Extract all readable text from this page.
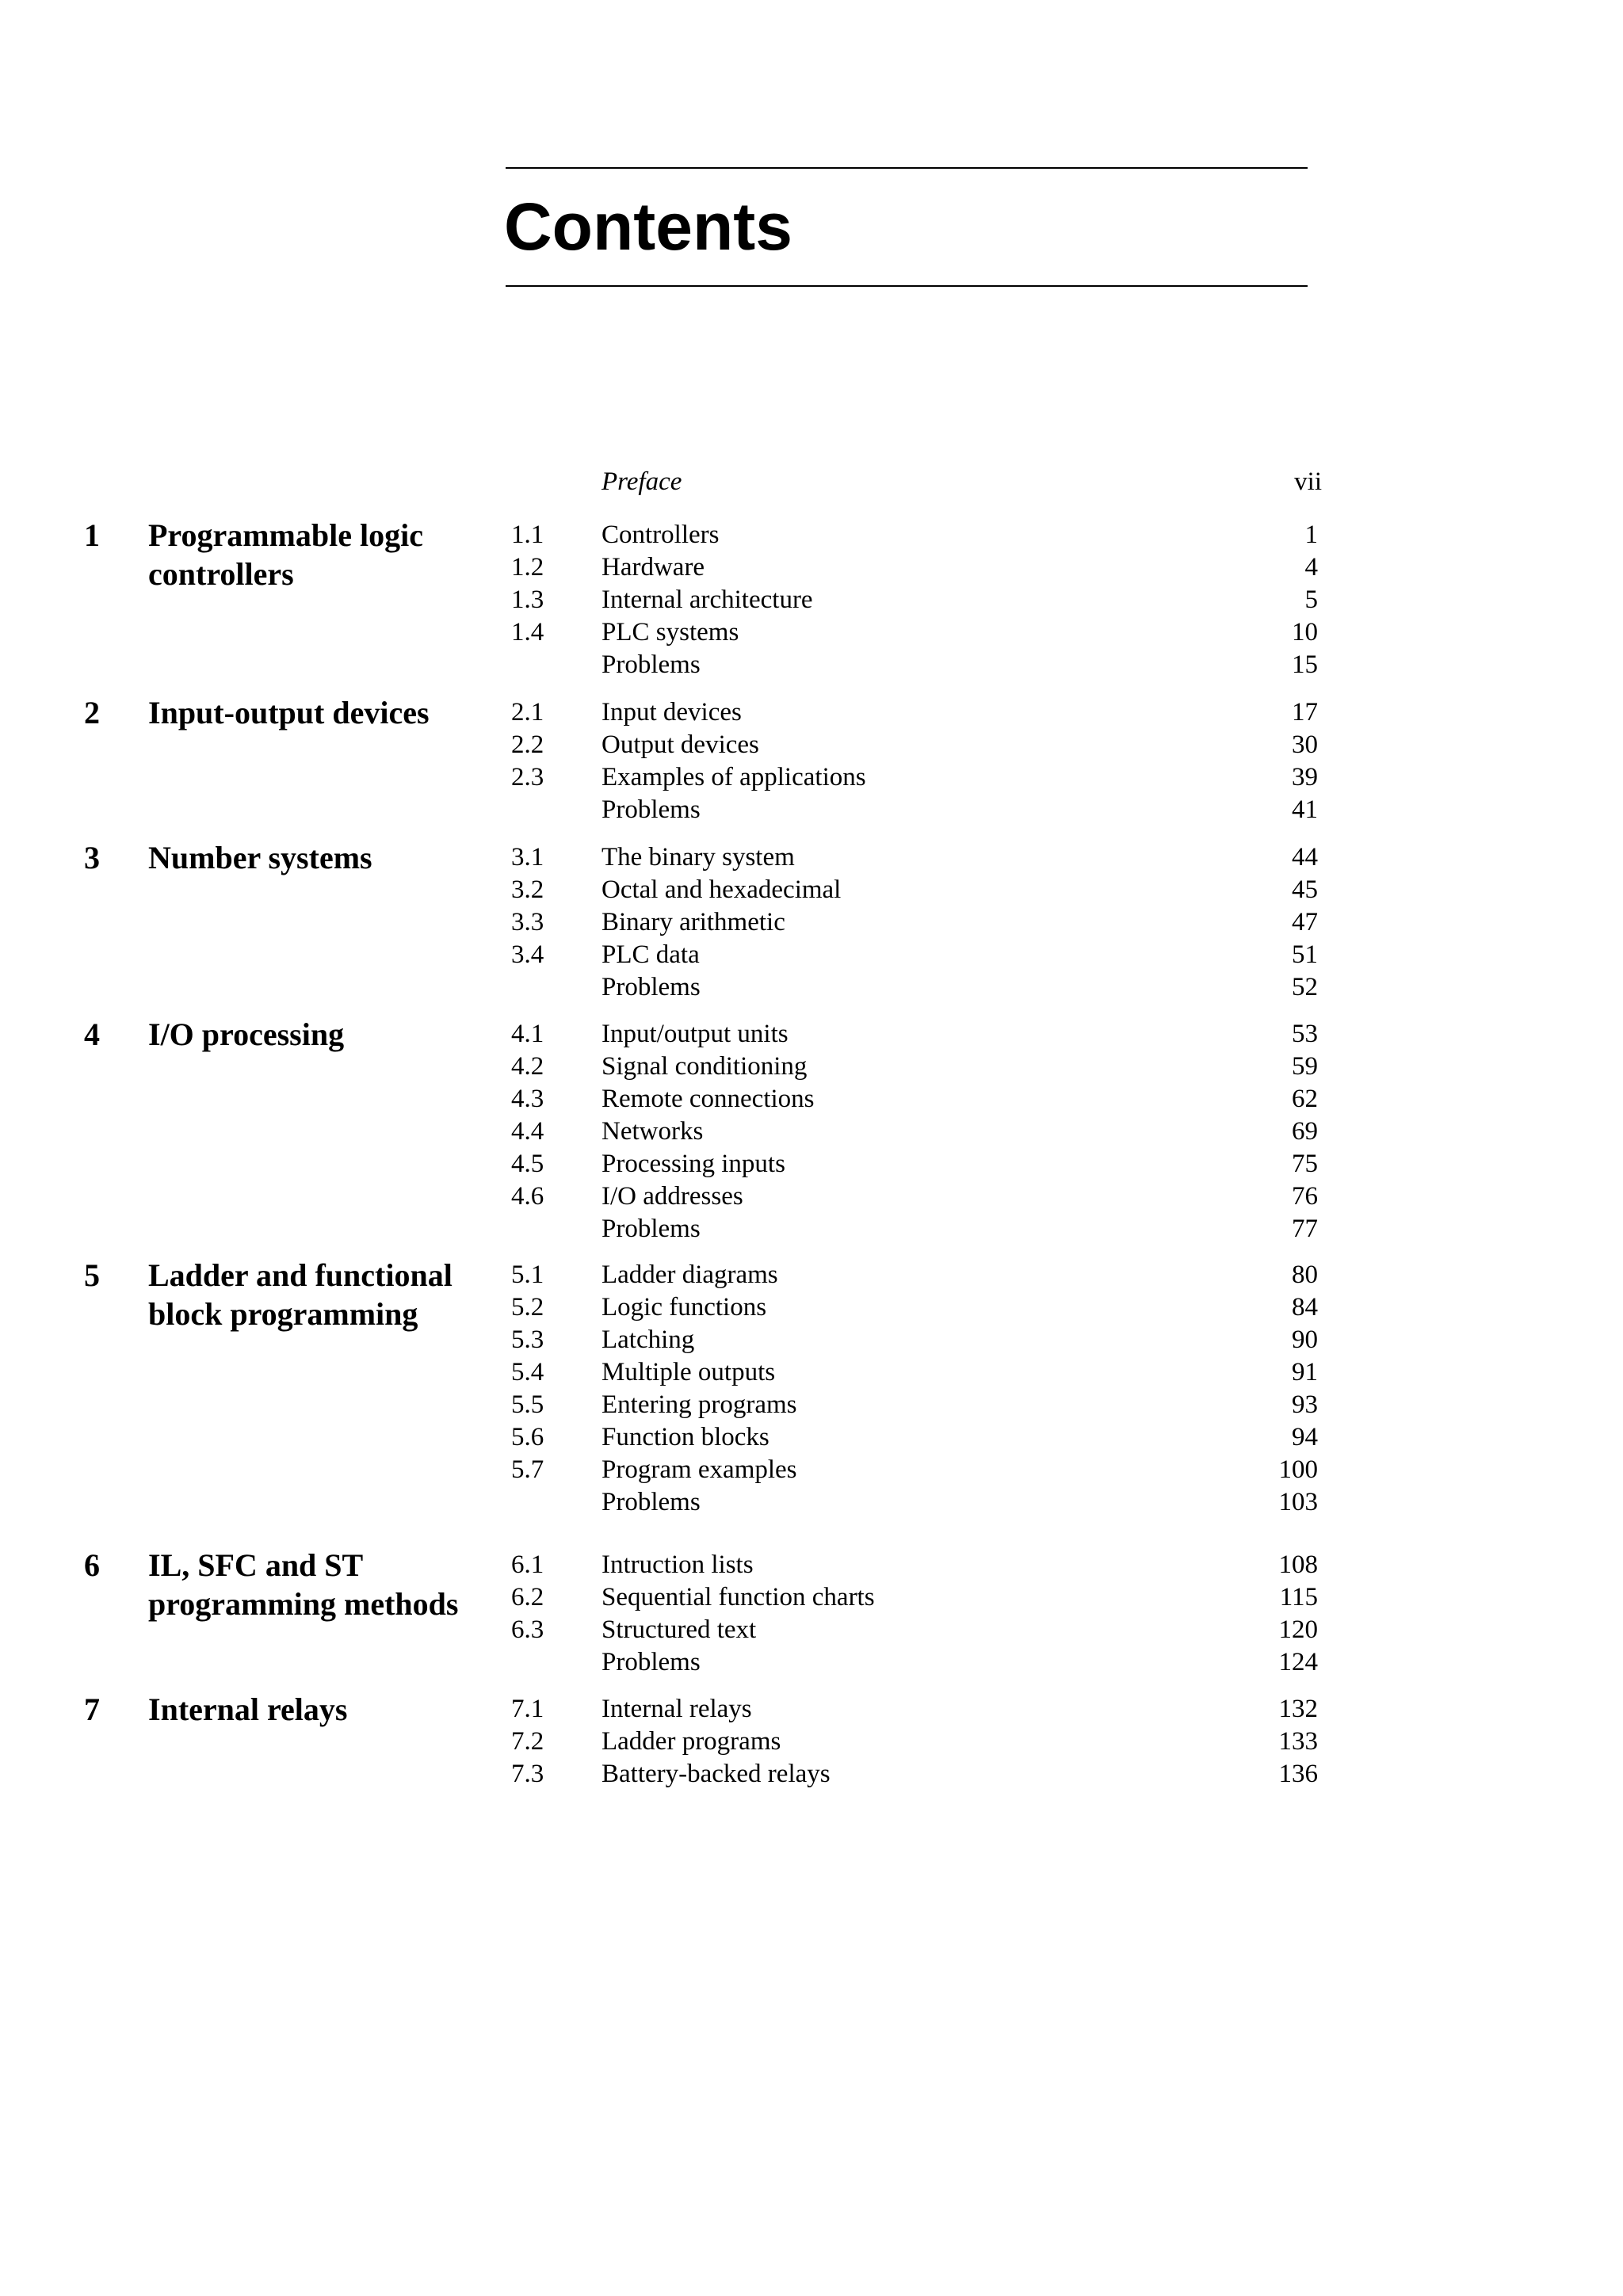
Contents
Preface	vii
1 Programmable logic
controllers
1.1 Controllers	1
1.2 Hardware	4
1.3 Internal architecture	5
1.4 PLC systems	10
Problems	15
2 Input-output devices	2.1 Input devices	17
2.2 Output devices	30
2.3 Examples of applications	39
Problems	41
3 Number systems	3.1 The binary system	44
3.2 Octal and hexadecimal	45
3.3 Binary arithmetic	47
3.4 PLC data	51
Problems	52
4 I/O processing	4.1 Input/output units	53
4.2 Signal conditioning	59
4.3 Remote connections	62
4.4 Networks	69
4.5 Processing inputs	75
4.6 I/O addresses	76
Problems	77
5 Ladder and functional
block programming
5.1 Ladder diagrams	80
5.2 Logic functions	84
5.3 Latching	90
5.4 Multiple outputs	91
5.5 Entering programs	93
5.6 Function blocks	94
5.7 Program examples	100
Problems	103
6 IL, SFC and ST
programming methods
6.1 Intruction lists	108
6.2 Sequential function charts	115
6.3 Structured text	120
Problems	124
7 Internal relays	7.1 Internal relays	132
7.2 Ladder programs	133
7.3 Battery-backed relays	136
